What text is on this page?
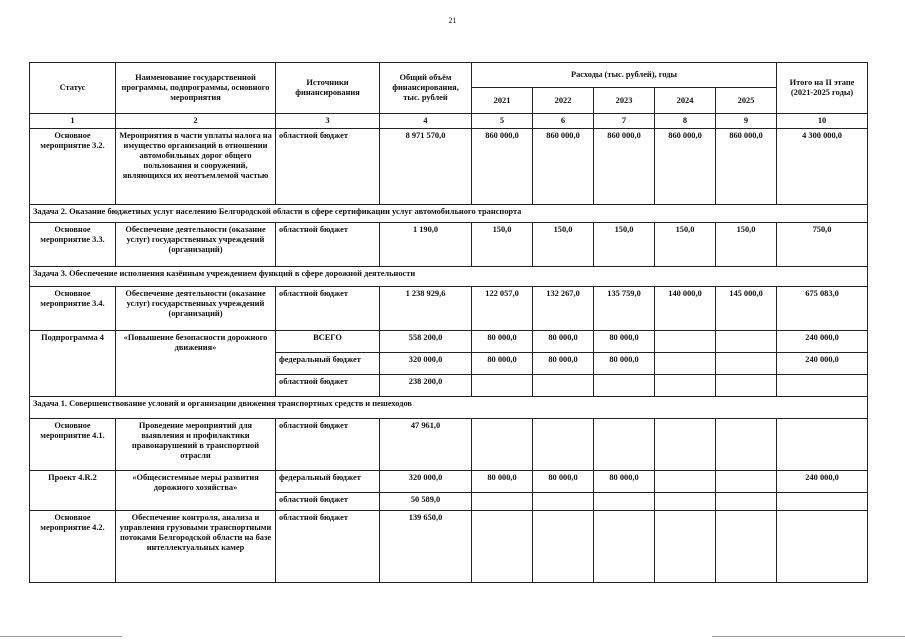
21
Статус	Наименование государственной программы, подпрограммы, основного мероприятия	Источники финансирования	Общий объём финансирования, тыс. рублей	Расходы (тыс. рублей), годы					Итого на II этапе (2021-2025 годы)
				2021	2022	2023	2024	2025	
1	2	3	4	5	6	7	8	9	10
Основное мероприятие 3.2.	Мероприятия в части уплаты налога на имущество организаций в отношении автомобильных дорог общего пользования и сооружений, являющихся их неотъемлемой частью	областной бюджет	8 971 570,0	860 000,0	860 000,0	860 000,0	860 000,0	860 000,0	4 300 000,0
Задача 2. Оказание бюджетных услуг населению Белгородской области в сфере сертификации услуг автомобильного транспорта									
Основное мероприятие 3.3.	Обеспечение деятельности (оказание услуг) государственных учреждений (организаций)	областной бюджет	1 190,0	150,0	150,0	150,0	150,0	150,0	750,0
Задача 3. Обеспечение исполнения казённым учреждением функций в сфере дорожной деятельности									
Основное мероприятие 3.4.	Обеспечение деятельности (оказание услуг) государственных учреждений (организаций)	областной бюджет	1 238 929,6	122 057,0	132 267,0	135 759,0	140 000,0	145 000,0	675 083,0
Подпрограмма 4	«Повышение безопасности дорожного движения»	ВСЕГО	558 200,0	80 000,0	80 000,0	80 000,0			240 000,0
		федеральный бюджет	320 000,0	80 000,0	80 000,0	80 000,0			240 000,0
		областной бюджет	238 200,0						
Задача 1. Совершенствование условий и организации движения транспортных средств и пешеходов									
Основное мероприятие 4.1.	Проведение мероприятий для выявления и профилактики правонарушений в транспортной отрасли	областной бюджет	47 961,0						
Проект 4.R.2	«Общесистемные меры развития дорожного хозяйства»	федеральный бюджет	320 000,0	80 000,0	80 000,0	80 000,0			240 000,0
		областной бюджет	50 589,0						
Основное мероприятие 4.2.	Обеспечение контроля, анализа и управления грузовыми транспортными потоками Белгородской области на базе интеллектуальных камер	областной бюджет	139 650,0						
